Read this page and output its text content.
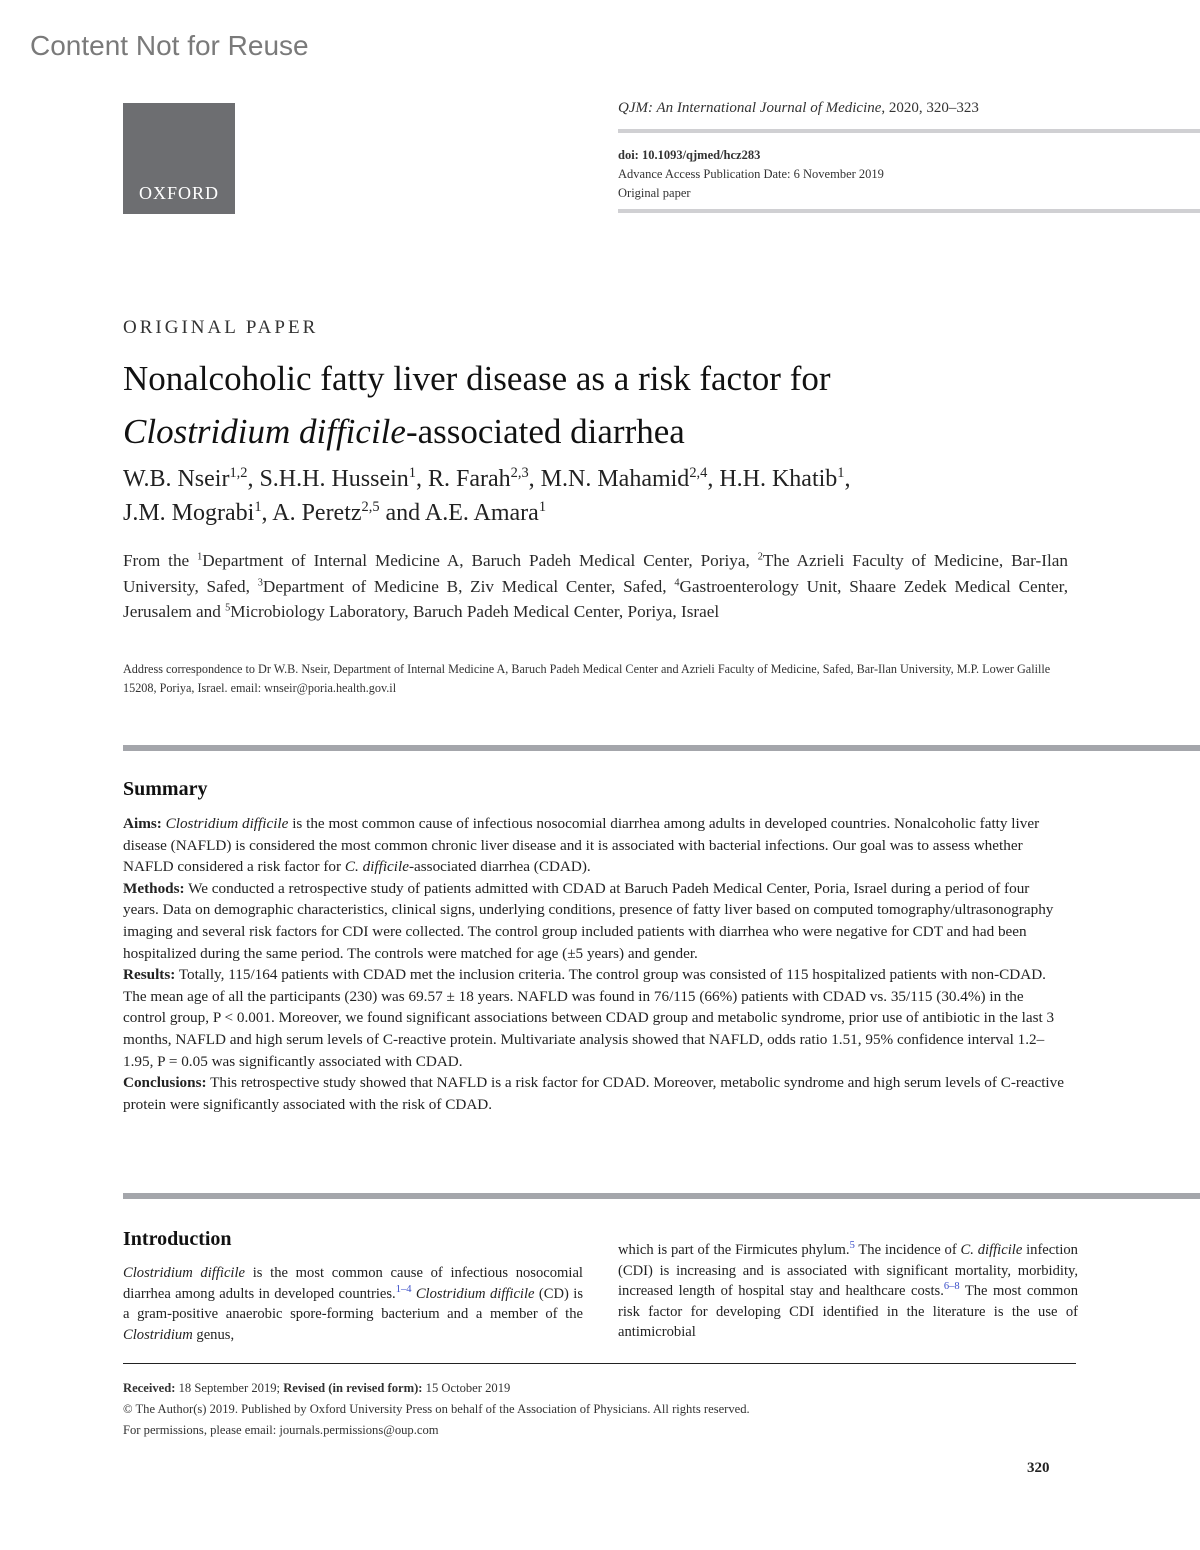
Content Not for Reuse
OXFORD
QJM: An International Journal of Medicine, 2020, 320–323
doi: 10.1093/qjmed/hcz283
Advance Access Publication Date: 6 November 2019
Original paper
ORIGINAL PAPER
Nonalcoholic fatty liver disease as a risk factor for
Clostridium difficile-associated diarrhea
W.B. Nseir$^{1,2}$, S.H.H. Hussein$^1$, R. Farah$^{2,3}$, M.N. Mahamid$^{2,4}$, H.H. Khatib$^1$,
J.M. Mograbi$^1$, A. Peretz$^{2,5}$ and A.E. Amara$^1$
From the $^1$Department of Internal Medicine A, Baruch Padeh Medical Center, Poriya, $^2$The Azrieli Faculty of Medicine, Bar-Ilan University, Safed, $^3$Department of Medicine B, Ziv Medical Center, Safed, $^4$Gastroenterology Unit, Shaare Zedek Medical Center, Jerusalem and $^5$Microbiology Laboratory, Baruch Padeh Medical Center, Poriya, Israel
Address correspondence to Dr W.B. Nseir, Department of Internal Medicine A, Baruch Padeh Medical Center and Azrieli Faculty of Medicine, Safed, Bar-Ilan University, M.P. Lower Galille 15208, Poriya, Israel. email: wnseir@poria.health.gov.il
Summary

Aims: Clostridium difficile is the most common cause of infectious nosocomial diarrhea among adults in developed countries. Nonalcoholic fatty liver disease (NAFLD) is considered the most common chronic liver disease and it is associated with bacterial infections. Our goal was to assess whether NAFLD considered a risk factor for C. difficile-associated diarrhea (CDAD).

Methods: We conducted a retrospective study of patients admitted with CDAD at Baruch Padeh Medical Center, Poria, Israel during a period of four years. Data on demographic characteristics, clinical signs, underlying conditions, presence of fatty liver based on computed tomography/ultrasonography imaging and several risk factors for CDI were collected. The control group included patients with diarrhea who were negative for CDT and had been hospitalized during the same period. The controls were matched for age (±5 years) and gender.

Results: Totally, 115/164 patients with CDAD met the inclusion criteria. The control group was consisted of 115 hospitalized patients with non-CDAD. The mean age of all the participants (230) was 69.57 ± 18 years. NAFLD was found in 76/115 (66%) patients with CDAD vs. 35/115 (30.4%) in the control group, P < 0.001. Moreover, we found significant associations between CDAD group and metabolic syndrome, prior use of antibiotic in the last 3 months, NAFLD and high serum levels of C-reactive protein. Multivariate analysis showed that NAFLD, odds ratio 1.51, 95% confidence interval 1.2–1.95, P = 0.05 was significantly associated with CDAD.

Conclusions: This retrospective study showed that NAFLD is a risk factor for CDAD. Moreover, metabolic syndrome and high serum levels of C-reactive protein were significantly associated with the risk of CDAD.

Introduction
Clostridium difficile is the most common cause of infectious nosocomial diarrhea among adults in developed countries.$^{1-4}$ Clostridium difficile (CD) is a gram-positive anaerobic spore-forming bacterium and a member of the Clostridium genus,
which is part of the Firmicutes phylum.$^5$ The incidence of C. difficile infection (CDI) is increasing and is associated with significant mortality, morbidity, increased length of hospital stay and healthcare costs.$^{6-8}$ The most common risk factor for developing CDI identified in the literature is the use of antimicrobial
Received: 18 September 2019; Revised (in revised form): 15 October 2019
© The Author(s) 2019. Published by Oxford University Press on behalf of the Association of Physicians. All rights reserved.
For permissions, please email: journals.permissions@oup.com
320
